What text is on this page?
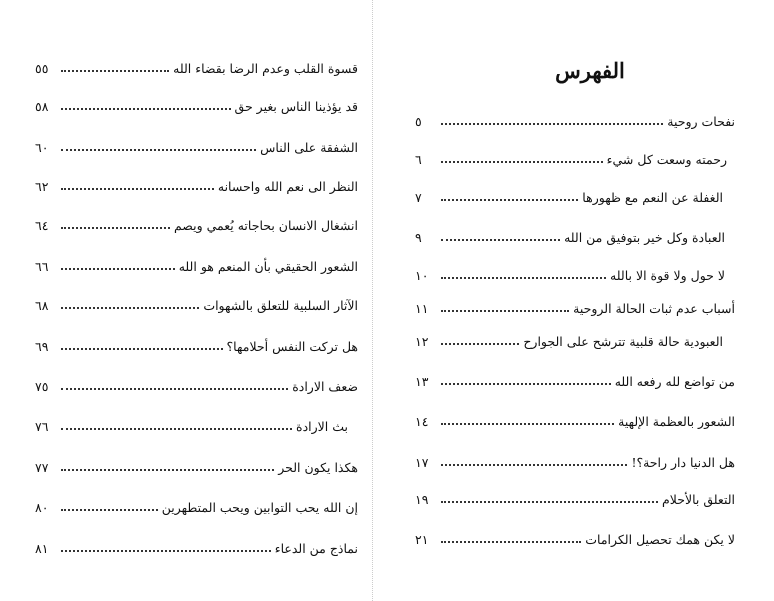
الفهرس
قسوة القلب وعدم الرضا بقضاء الله
٥٥
قد يؤذينا الناس بغير حق
٥٨
الشفقة على الناس
٦٠
النظر الى نعم الله واحسانه
٦٢
انشغال الانسان بحاجاته يُعمي ويصم
٦٤
الشعور الحقيقي بأن المنعم هو الله
٦٦
الآثار السلبية للتعلق بالشهوات
٦٨
هل تركت النفس أحلامها؟
٦٩
ضعف الارادة
٧٥
بث الارادة
٧٦
هكذا يكون الحر
٧٧
إن الله يحب التوابين ويحب المتطهرين
٨٠
نماذج من الدعاء
٨١
نفحات روحية
٥
رحمته وسعت كل شيء
٦
الغفلة عن النعم مع ظهورها
٧
العبادة وكل خير بتوفيق من الله
٩
لا حول ولا قوة الا بالله
١٠
أسباب عدم ثبات الحالة الروحية
١١
العبودية حالة قلبية تترشح على الجوارح
١٢
من تواضع لله رفعه الله
١٣
الشعور بالعظمة الإلهية
١٤
هل الدنيا دار راحة؟!
١٧
التعلق بالأحلام
١٩
لا يكن همك تحصيل الكرامات
٢١
